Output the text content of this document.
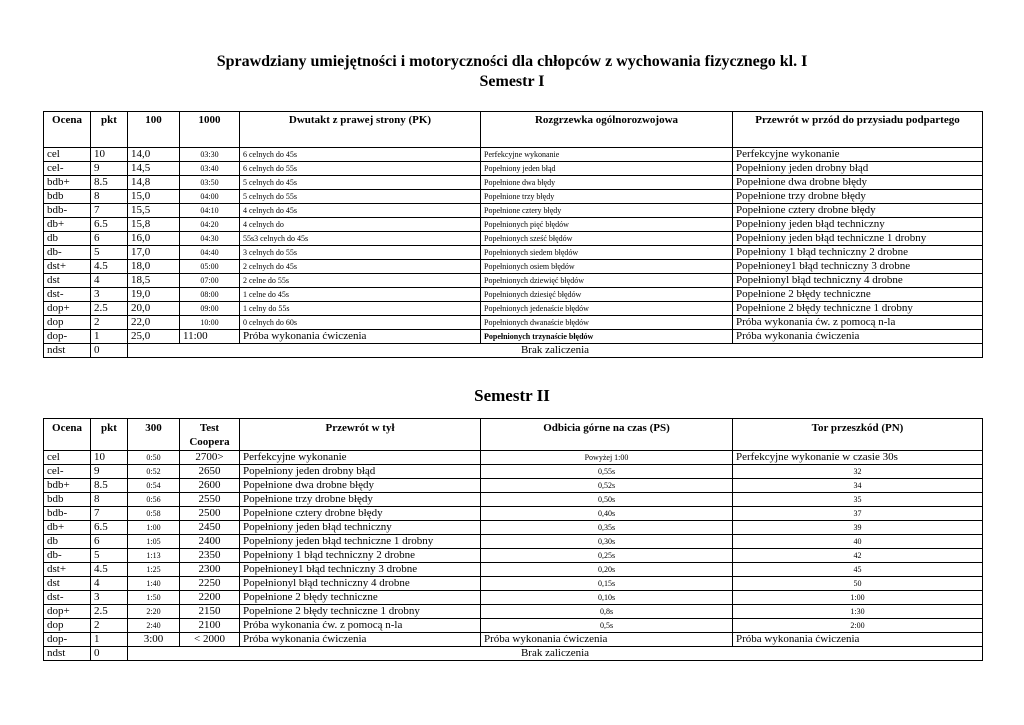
Sprawdziany umiejętności i motoryczności dla chłopców z wychowania fizycznego kl. I
Semestr I
Ocena	pkt	100	1000	Dwutakt z prawej strony (PK)	Rozgrzewka ogólnorozwojowa	Przewrót w przód do przysiadu podpartego
cel	10	14,0	03:30	6 celnych do 45s	Perfekcyjne wykonanie	Perfekcyjne wykonanie
cel-	9	14,5	03:40	6 celnych do 55s	Popełniony jeden błąd	Popełniony jeden drobny błąd
bdb+	8.5	14,8	03:50	5 celnych do 45s	Popełnione dwa błędy	Popełnione dwa drobne błędy
bdb	8	15,0	04:00	5 celnych do 55s	Popełnione trzy błędy	Popełnione trzy drobne błędy
bdb-	7	15,5	04:10	4 celnych do 45s	Popełnione cztery błędy	Popełnione cztery drobne błędy
db+	6.5	15,8	04:20	4 celnych do	Popełnionych pięć błędów	Popełniony jeden błąd techniczny
db	6	16,0	04:30	55s3 celnych do 45s	Popełnionych sześć błędów	Popełniony jeden błąd techniczne 1 drobny
db-	5	17,0	04:40	3 celnych do 55s	Popełnionych siedem błędów	Popełniony 1 błąd techniczny 2 drobne
dst+	4.5	18,0	05:00	2 celnych do 45s	Popełnionych osiem błędów	Popełnioney1 błąd techniczny 3 drobne
dst	4	18,5	07:00	2 celne do 55s	Popełnionych dziewięć błędów	Popełnionyl błąd techniczny 4 drobne
dst-	3	19,0	08:00	1 celne do 45s	Popełnionych dziesięć błędów	Popełnione 2 błędy techniczne
dop+	2.5	20,0	09:00	1 celny do 55s	Popełnionych jedenaście błędów	Popełnione 2 błędy techniczne 1 drobny
dop	2	22,0	10:00	0 celnych do 60s	Popełnionych dwanaście błędów	Próba wykonania ćw. z pomocą n-la
dop-	1	25,0	11:00	Próba wykonania ćwiczenia	Popełnionych trzynaście błędów	Próba wykonania ćwiczenia
ndst	0	Brak zaliczenia				
Semestr II
Ocena	pkt	300	Test Coopera	Przewrót w tył	Odbicia górne na czas (PS)	Tor przeszkód (PN)
cel	10	0:50	2700>	Perfekcyjne wykonanie	Powyżej 1:00	Perfekcyjne wykonanie w czasie 30s
cel-	9	0:52	2650	Popełniony jeden drobny błąd	0,55s	32
bdb+	8.5	0:54	2600	Popełnione dwa drobne błędy	0,52s	34
bdb	8	0:56	2550	Popełnione trzy drobne błędy	0,50s	35
bdb-	7	0:58	2500	Popełnione cztery drobne błędy	0,40s	37
db+	6.5	1:00	2450	Popełniony jeden błąd techniczny	0,35s	39
db	6	1:05	2400	Popełniony jeden błąd techniczne 1 drobny	0,30s	40
db-	5	1:13	2350	Popełniony 1 błąd techniczny 2 drobne	0,25s	42
dst+	4.5	1:25	2300	Popełnioney1 błąd techniczny 3 drobne	0,20s	45
dst	4	1:40	2250	Popełnionyl błąd techniczny 4 drobne	0,15s	50
dst-	3	1:50	2200	Popełnione 2 błędy techniczne	0,10s	1:00
dop+	2.5	2:20	2150	Popełnione 2 błędy techniczne 1 drobny	0,8s	1:30
dop	2	2:40	2100	Próba wykonania ćw. z pomocą n-la	0,5s	2:00
dop-	1	3:00	< 2000	Próba wykonania ćwiczenia	Próba wykonania ćwiczenia	Próba wykonania ćwiczenia
ndst	0	Brak zaliczenia				
